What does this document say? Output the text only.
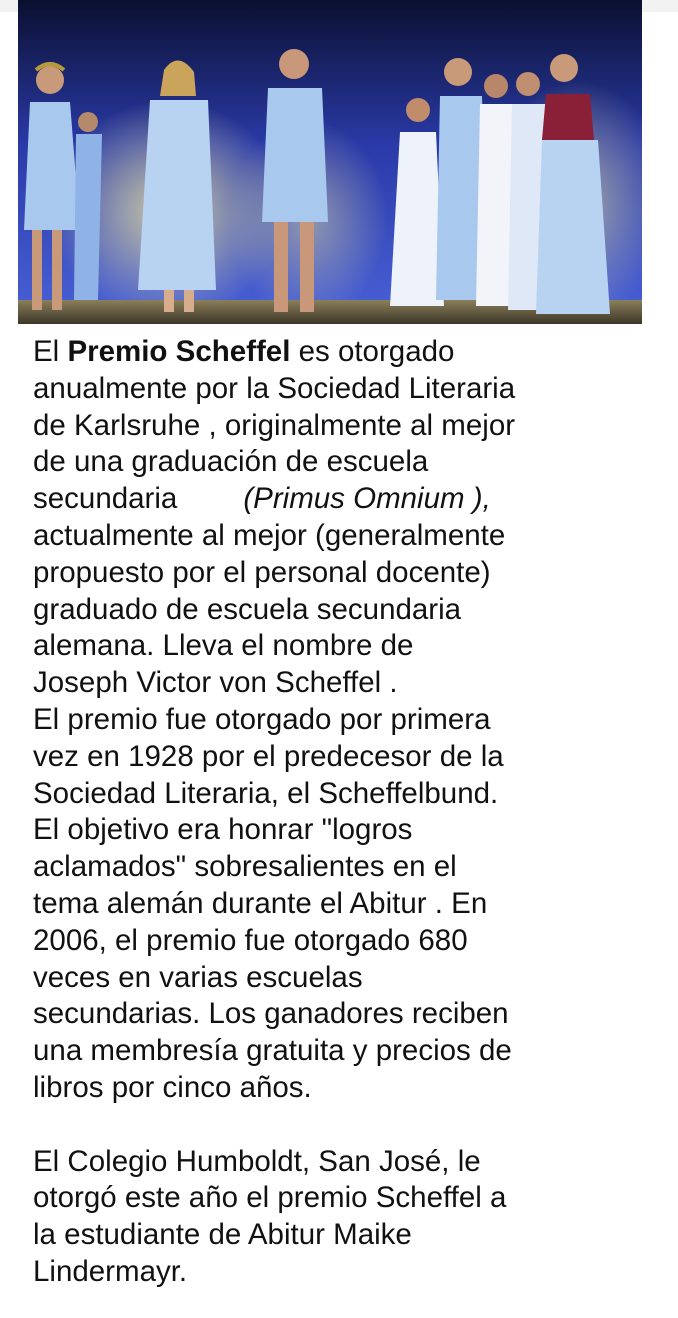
El Premio Scheffel es otorgado
anualmente por la Sociedad Literaria
de Karlsruhe , originalmente al mejor
de una graduación de escuela
secundaria (Primus Omnium ),
actualmente al mejor (generalmente
propuesto por el personal docente)
graduado de escuela secundaria
alemana. Lleva el nombre de
Joseph Victor von Scheffel .
El premio fue otorgado por primera
vez en 1928 por el predecesor de la
Sociedad Literaria, el Scheffelbund.
El objetivo era honrar "logros
aclamados" sobresalientes en el
tema alemán durante el Abitur . En
2006, el premio fue otorgado 680
veces en varias escuelas
secundarias. Los ganadores reciben
una membresía gratuita y precios de
libros por cinco años.

El Colegio Humboldt, San José, le
otorgó este año el premio Scheffel a
la estudiante de Abitur Maike
Lindermayr.
